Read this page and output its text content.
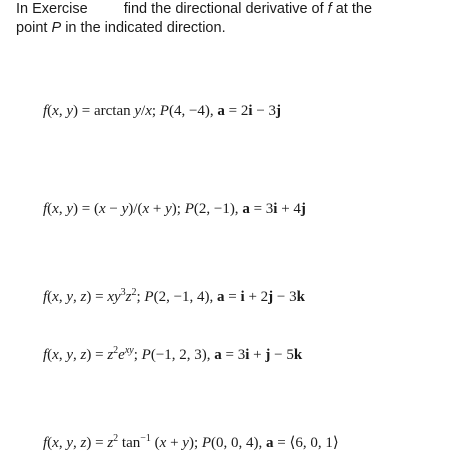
In Exercise find the directional derivative of f at the
point P in the indicated direction.
f(x, y) = arctan y/x; P(4, −4), a = 2i − 3j
f(x, y) = (x − y)/(x + y); P(2, −1), a = 3i + 4j
f(x, y, $z) = xy^3z^2$; P(2, −1, 4), a = i + 2j − 3k
f(x, y, $z) = z^2e^{xy}$; P(−1, 2, 3), a = 3i + j − 5k
f(x, y, $z) = z^2$ $\tan^{-1} (x + y)$; P(0, 0, 4), a = ⟨6, 0, 1⟩
